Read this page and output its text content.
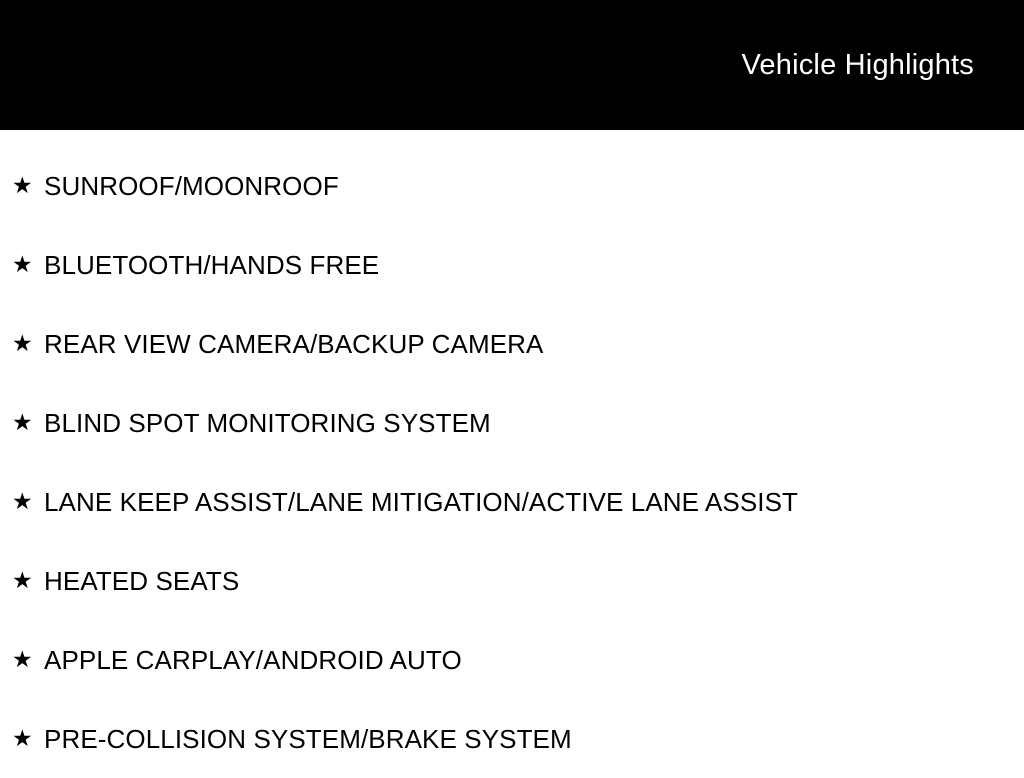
Vehicle Highlights
★ SUNROOF/MOONROOF
★ BLUETOOTH/HANDS FREE
★ REAR VIEW CAMERA/BACKUP CAMERA
★ BLIND SPOT MONITORING SYSTEM
★ LANE KEEP ASSIST/LANE MITIGATION/ACTIVE LANE ASSIST
★ HEATED SEATS
★ APPLE CARPLAY/ANDROID AUTO
★ PRE-COLLISION SYSTEM/BRAKE SYSTEM
